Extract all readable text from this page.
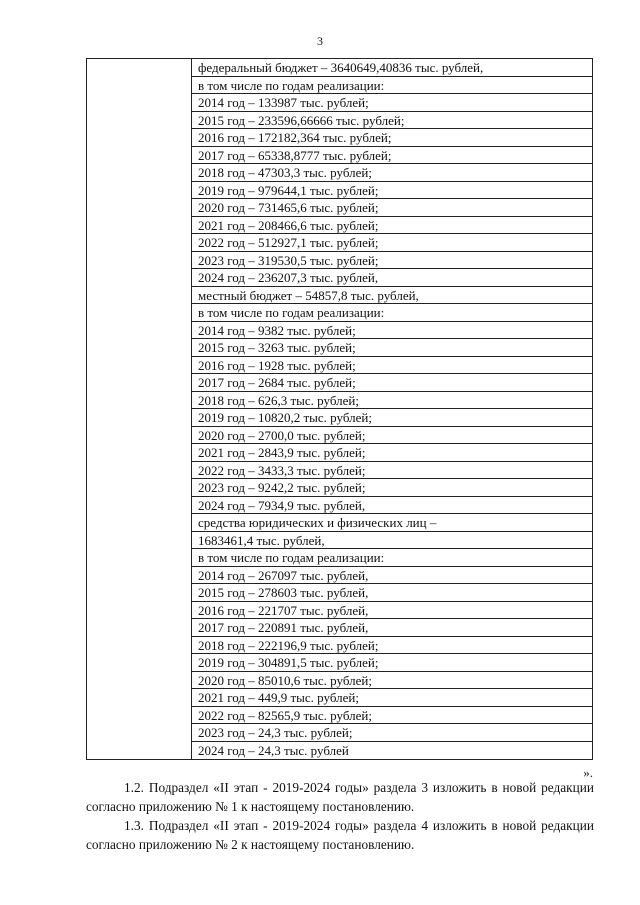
3
федеральный бюджет – 3640649,40836 тыс. рублей,
в том числе по годам реализации:
2014 год – 133987 тыс. рублей;
2015 год – 233596,66666 тыс. рублей;
2016 год – 172182,364 тыс. рублей;
2017 год – 65338,8777 тыс. рублей;
2018 год – 47303,3 тыс. рублей;
2019 год – 979644,1 тыс. рублей;
2020 год – 731465,6 тыс. рублей;
2021 год – 208466,6 тыс. рублей;
2022 год – 512927,1 тыс. рублей;
2023 год – 319530,5 тыс. рублей;
2024 год – 236207,3 тыс. рублей,
местный бюджет – 54857,8 тыс. рублей,
в том числе по годам реализации:
2014 год – 9382 тыс. рублей;
2015 год – 3263 тыс. рублей;
2016 год – 1928 тыс. рублей;
2017 год – 2684 тыс. рублей;
2018 год – 626,3 тыс. рублей;
2019 год – 10820,2 тыс. рублей;
2020 год – 2700,0 тыс. рублей;
2021 год – 2843,9 тыс. рублей;
2022 год – 3433,3 тыс. рублей;
2023 год – 9242,2 тыс. рублей;
2024 год – 7934,9 тыс. рублей,
средства юридических и физических лиц –
1683461,4 тыс. рублей,
в том числе по годам реализации:
2014 год – 267097 тыс. рублей,
2015 год – 278603 тыс. рублей,
2016 год – 221707 тыс. рублей,
2017 год – 220891 тыс. рублей,
2018 год – 222196,9 тыс. рублей;
2019 год – 304891,5 тыс. рублей;
2020 год – 85010,6 тыс. рублей;
2021 год – 449,9 тыс. рублей;
2022 год – 82565,9 тыс. рублей;
2023 год – 24,3 тыс. рублей;
2024 год – 24,3 тыс. рублей
».

1.2. Подраздел «II этап - 2019-2024 годы» раздела 3 изложить в новой редакции согласно приложению № 1 к настоящему постановлению.

1.3. Подраздел «II этап - 2019-2024 годы» раздела 4 изложить в новой редакции согласно приложению № 2 к настоящему постановлению.
